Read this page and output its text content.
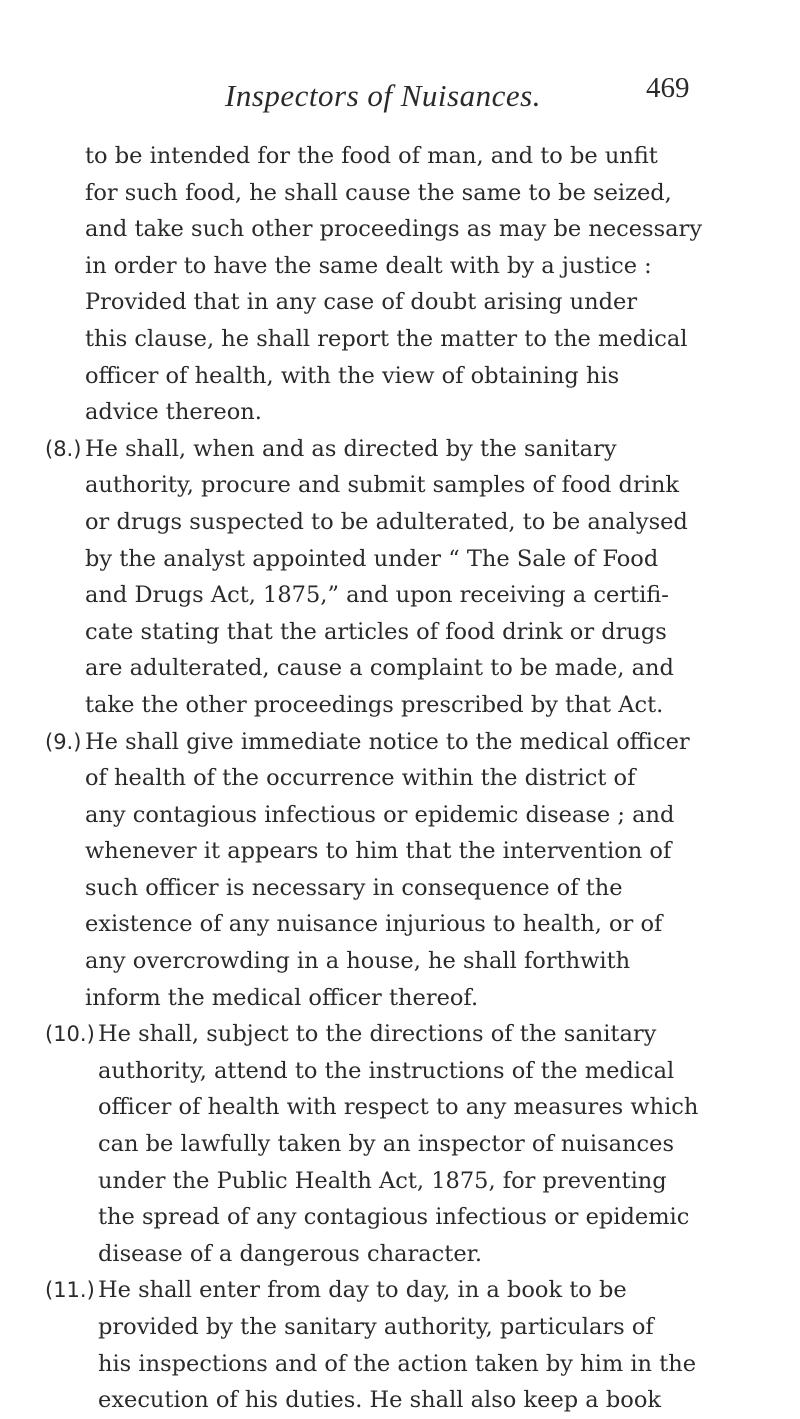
Inspectors of Nuisances.	469
to be intended for the food of man, and to be unfit
for such food, he shall cause the same to be seized,
and take such other proceedings as may be necessary
in order to have the same dealt with by a justice :
Provided that in any case of doubt arising under
this clause, he shall report the matter to the medical
officer of health, with the view of obtaining his
advice thereon.
(8.) He shall, when and as directed by the sanitary
authority, procure and submit samples of food drink
or drugs suspected to be adulterated, to be analysed
by the analyst appointed under “ The Sale of Food
and Drugs Act, 1875,” and upon receiving a certifi-
cate stating that the articles of food drink or drugs
are adulterated, cause a complaint to be made, and
take the other proceedings prescribed by that Act.
(9.) He shall give immediate notice to the medical officer
of health of the occurrence within the district of
any contagious infectious or epidemic disease ; and
whenever it appears to him that the intervention of
such officer is necessary in consequence of the
existence of any nuisance injurious to health, or of
any overcrowding in a house, he shall forthwith
inform the medical officer thereof.
(10.) He shall, subject to the directions of the sanitary
authority, attend to the instructions of the medical
officer of health with respect to any measures which
can be lawfully taken by an inspector of nuisances
under the Public Health Act, 1875, for preventing
the spread of any contagious infectious or epidemic
disease of a dangerous character.
(11.) He shall enter from day to day, in a book to be
provided by the sanitary authority, particulars of
his inspections and of the action taken by him in the
execution of his duties. He shall also keep a book
